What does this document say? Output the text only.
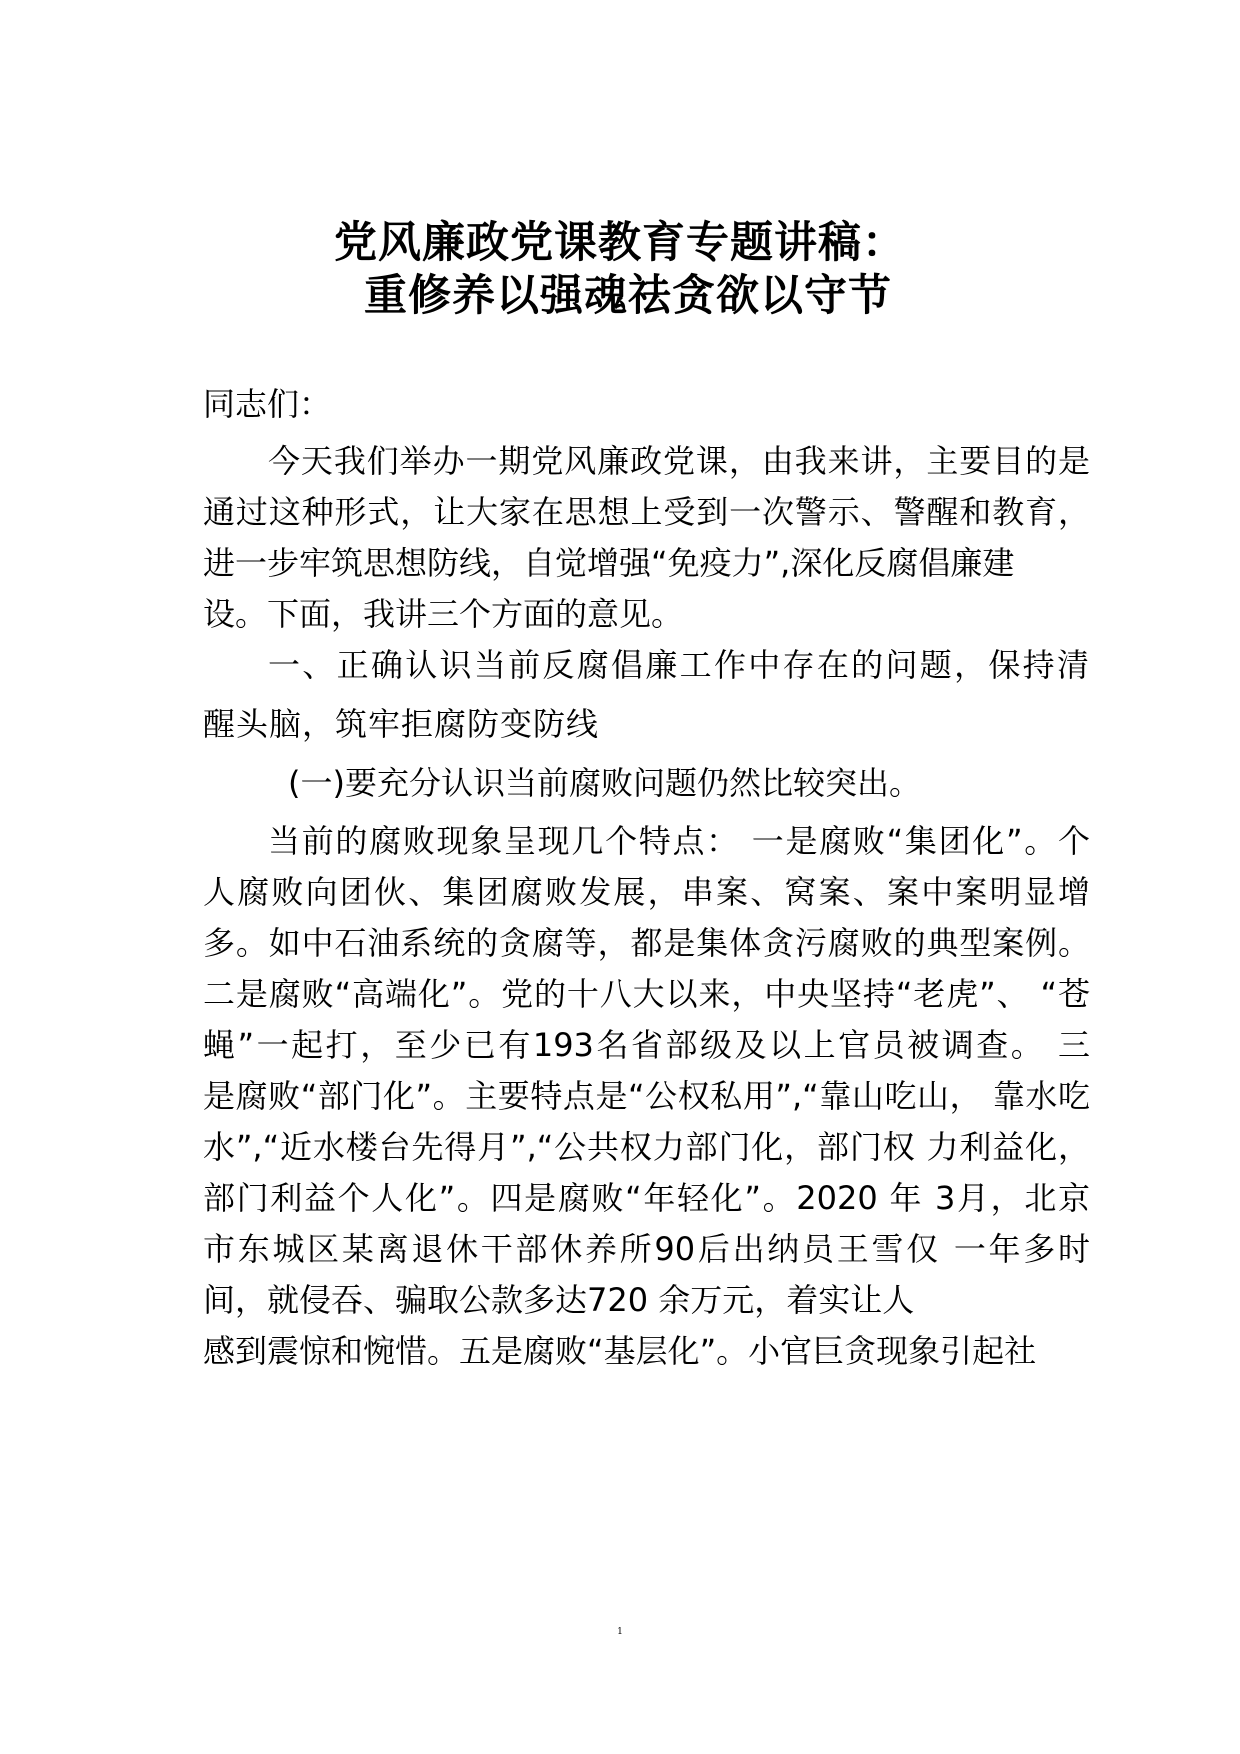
党风廉政党课教育专题讲稿：
重修养以强魂祛贪欲以守节
同志们：
今天我们举办一期党风廉政党课，由我来讲，主要目的是
通过这种形式，让大家在思想上受到一次警示、警醒和教育，
进一步牢筑思想防线，自觉增强“免疫力”,深化反腐倡廉建
设。下面，我讲三个方面的意见。
一、正确认识当前反腐倡廉工作中存在的问题，保持清
醒头脑，筑牢拒腐防变防线
(一)要充分认识当前腐败问题仍然比较突出。
当前的腐败现象呈现几个特点： 一是腐败“集团化”。个
人腐败向团伙、集团腐败发展，串案、窝案、案中案明显增
多。如中石油系统的贪腐等，都是集体贪污腐败的典型案例。
二是腐败“高端化”。党的十八大以来，中央坚持“老虎”、 “苍
蝇”一起打，至少已有193名省部级及以上官员被调查。 三
是腐败“部门化”。主要特点是“公权私用”,“靠山吃山， 靠水吃
水”,“近水楼台先得月”,“公共权力部门化，部门权 力利益化，
部门利益个人化”。四是腐败“年轻化”。2020 年 3月，北京
市东城区某离退休干部休养所90后出纳员王雪仅 一年多时
间，就侵吞、骗取公款多达720 余万元，着实让人
感到震惊和惋惜。五是腐败“基层化”。小官巨贪现象引起社
1
